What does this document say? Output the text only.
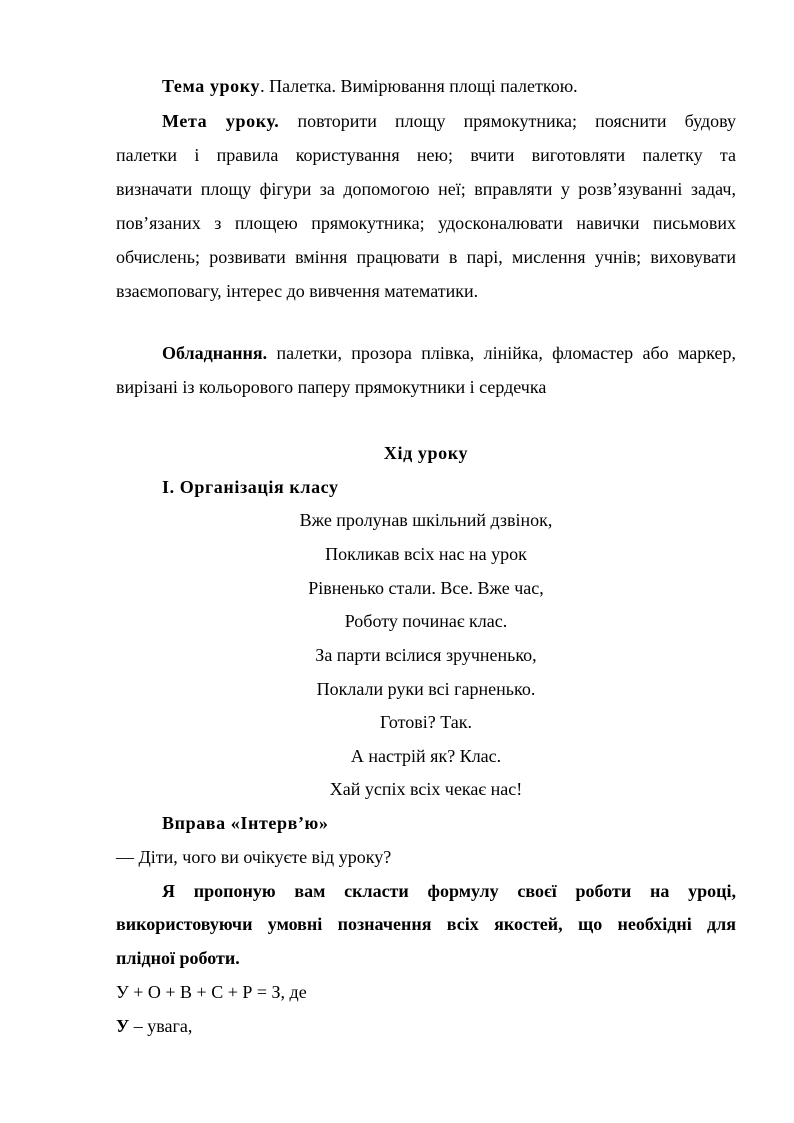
Тема уроку. Палетка. Вимірювання площі палеткою.
Мета уроку. повторити площу прямокутника; пояснити будову
палетки і правила користування нею; вчити виготовляти палетку та
визначати площу фігури за допомогою неї; вправляти у розв’язуванні задач,
пов’язаних з площею прямокутника; удосконалювати навички письмових
обчислень; розвивати вміння працювати в парі, мислення учнів; виховувати
взаємоповагу, інтерес до вивчення математики.
Обладнання. палетки, прозора плівка, лінійка, фломастер або маркер,
вирізані із кольорового паперу прямокутники і сердечка
Хід уроку
І. Організація класу
Вже пролунав шкільний дзвінок,
Покликав всіх нас на урок
Рівненько стали. Все. Вже час,
Роботу починає клас.
За парти всілися зручненько,
Поклали руки всі гарненько.
Готові? Так.
А настрій як? Клас.
Хай успіх всіх чекає нас!
Вправа «Інтерв’ю»
— Діти, чого ви очікуєте від уроку?
Я пропоную вам скласти формулу своєї роботи на уроці,
використовуючи умовні позначення всіх якостей, що необхідні для
плідної роботи.
У + О + В + С + Р = З, де
У – увага,
